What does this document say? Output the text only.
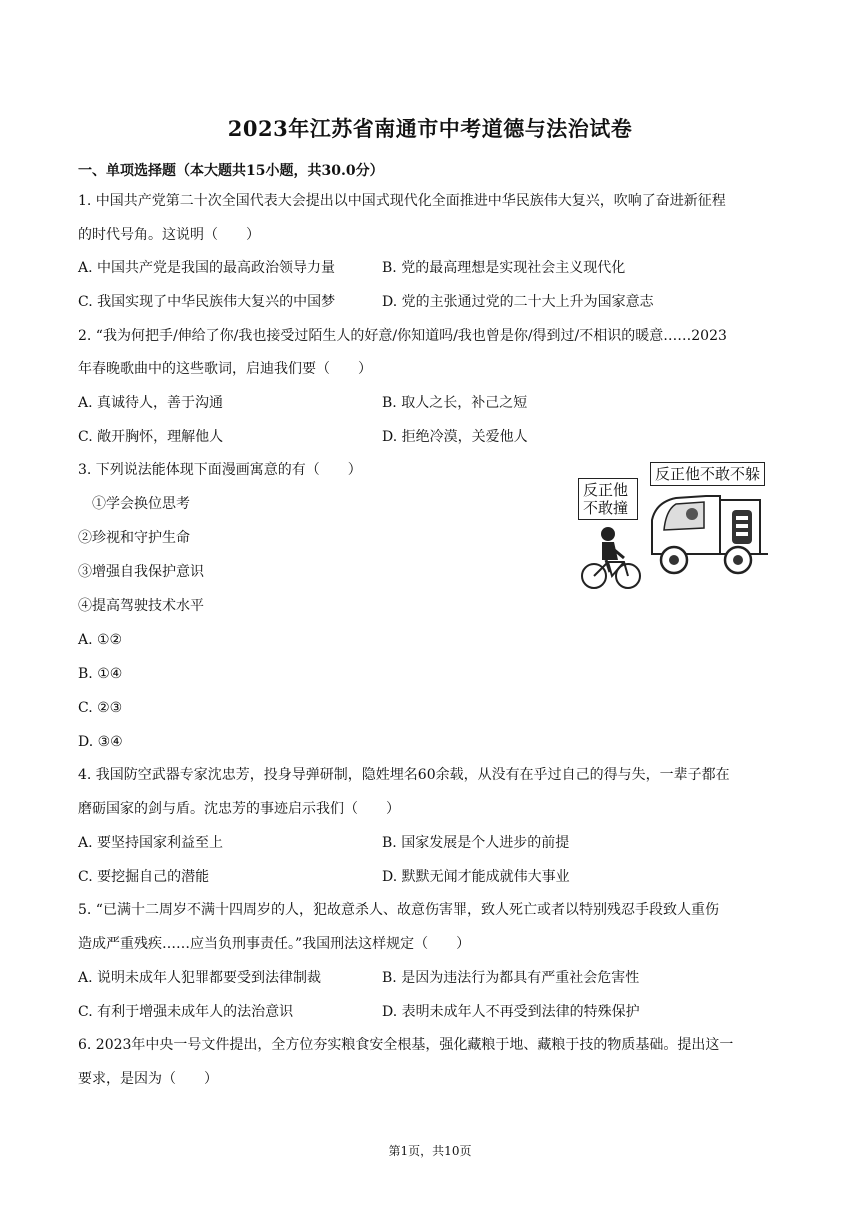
2023年江苏省南通市中考道德与法治试卷
一、单项选择题（本大题共15小题，共30.0分）
1. 中国共产党第二十次全国代表大会提出以中国式现代化全面推进中华民族伟大复兴，吹响了奋进新征程
的时代号角。这说明（　　）
A. 中国共产党是我国的最高政治领导力量	B. 党的最高理想是实现社会主义现代化
C. 我国实现了中华民族伟大复兴的中国梦	D. 党的主张通过党的二十大上升为国家意志
2. “我为何把手/伸给了你/我也接受过陌生人的好意/你知道吗/我也曾是你/得到过/不相识的暖意……2023
年春晚歌曲中的这些歌词，启迪我们要（　　）
A. 真诚待人，善于沟通	B. 取人之长，补己之短
C. 敞开胸怀，理解他人	D. 拒绝冷漠，关爱他人
3. 下列说法能体现下面漫画寓意的有（　　）
①学会换位思考
②珍视和守护生命
③增强自我保护意识
④提高驾驶技术水平
A. ①②
B. ①④
C. ②③
D. ③④
反正他
不敢撞
反正他不敢不躲
4. 我国防空武器专家沈忠芳，投身导弹研制，隐姓埋名60余载，从没有在乎过自己的得与失，一辈子都在
磨砺国家的剑与盾。沈忠芳的事迹启示我们（　　）
A. 要坚持国家利益至上	B. 国家发展是个人进步的前提
C. 要挖掘自己的潜能	D. 默默无闻才能成就伟大事业
5. “已满十二周岁不满十四周岁的人，犯故意杀人、故意伤害罪，致人死亡或者以特别残忍手段致人重伤
造成严重残疾……应当负刑事责任。”我国刑法这样规定（　　）
A. 说明未成年人犯罪都要受到法律制裁	B. 是因为违法行为都具有严重社会危害性
C. 有利于增强未成年人的法治意识	D. 表明未成年人不再受到法律的特殊保护
6. 2023年中央一号文件提出，全方位夯实粮食安全根基，强化藏粮于地、藏粮于技的物质基础。提出这一
要求，是因为（　　）
第1页，共10页
